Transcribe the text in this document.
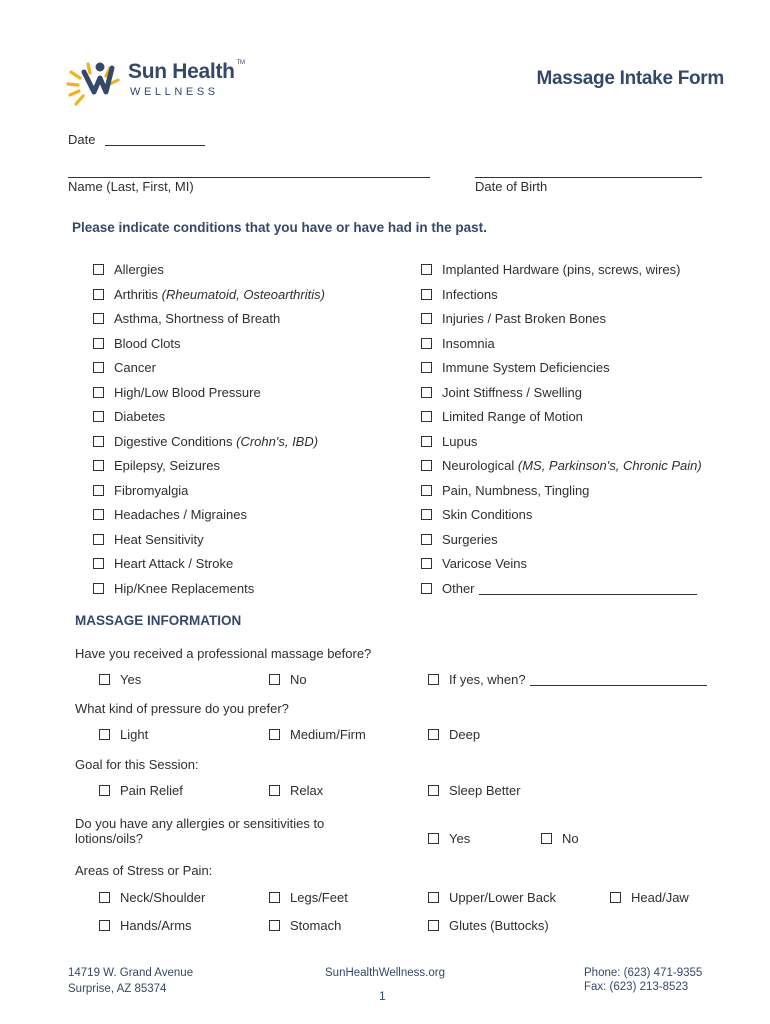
Sun Health ™
WELLNESS
Massage Intake Form
Date
Name (Last, First, MI)	Date of Birth
Please indicate conditions that you have or have had in the past.
Allergies
Arthritis (Rheumatoid, Osteoarthritis)
Asthma, Shortness of Breath
Blood Clots
Cancer
High/Low Blood Pressure
Diabetes
Digestive Conditions (Crohn's, IBD)
Epilepsy, Seizures
Fibromyalgia
Headaches / Migraines
Heat Sensitivity
Heart Attack / Stroke
Hip/Knee Replacements
Implanted Hardware (pins, screws, wires)
Infections
Injuries / Past Broken Bones
Insomnia
Immune System Deficiencies
Joint Stiffness / Swelling
Limited Range of Motion
Lupus
Neurological (MS, Parkinson's, Chronic Pain)
Pain, Numbness, Tingling
Skin Conditions
Surgeries
Varicose Veins
Other
MASSAGE INFORMATION
Have you received a professional massage before?
Yes	No	If yes, when?
What kind of pressure do you prefer?
Light	Medium/Firm	Deep
Goal for this Session:
Pain Relief	Relax	Sleep Better
Do you have any allergies or sensitivities to
lotions/oils?	Yes	No
Areas of Stress or Pain:
Neck/Shoulder	Legs/Feet	Upper/Lower Back	Head/Jaw
Hands/Arms	Stomach	Glutes (Buttocks)
14719 W. Grand Avenue
Surprise, AZ 85374
SunHealthWellness.org
1
Phone: (623) 471-9355
Fax: (623) 213-8523
